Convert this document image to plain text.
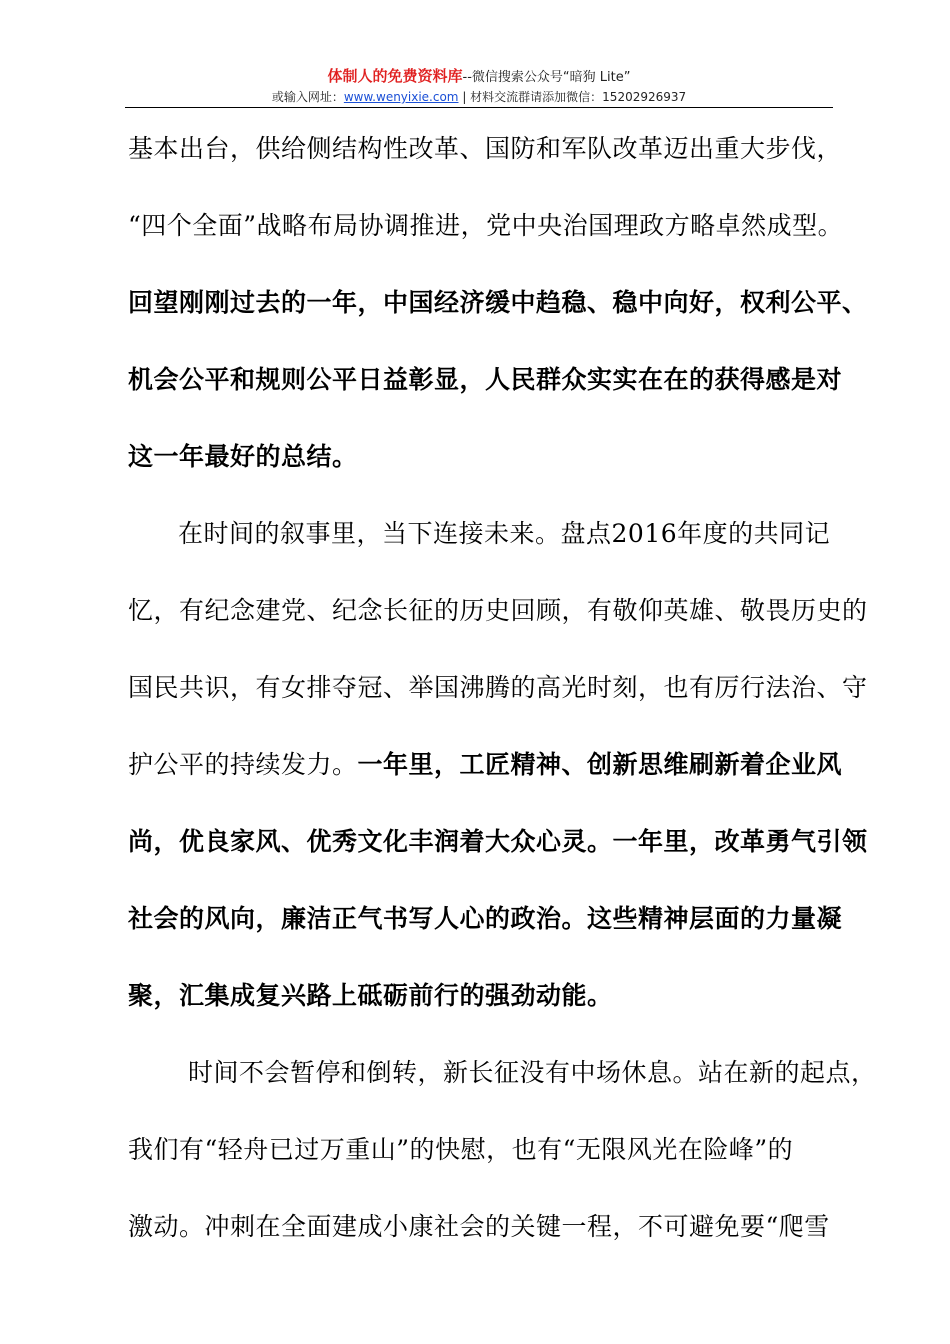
体制人的免费资料库--微信搜索公众号“暗狗 Lite”
或输入网址：www.wenyixie.com | 材料交流群请添加微信：15202926937
基本出台，供给侧结构性改革、国防和军队改革迈出重大步伐，
“四个全面”战略布局协调推进，党中央治国理政方略卓然成型。
回望刚刚过去的一年，中国经济缓中趋稳、稳中向好，权利公平、
机会公平和规则公平日益彰显，人民群众实实在在的获得感是对
这一年最好的总结。
在时间的叙事里，当下连接未来。盘点2016年度的共同记
忆，有纪念建党、纪念长征的历史回顾，有敬仰英雄、敬畏历史的
国民共识，有女排夺冠、举国沸腾的高光时刻，也有厉行法治、守
护公平的持续发力。一年里，工匠精神、创新思维刷新着企业风
尚，优良家风、优秀文化丰润着大众心灵。一年里，改革勇气引领
社会的风向，廉洁正气书写人心的政治。这些精神层面的力量凝
聚，汇集成复兴路上砥砺前行的强劲动能。
时间不会暂停和倒转，新长征没有中场休息。站在新的起点，
我们有“轻舟已过万重山”的快慰，也有“无限风光在险峰”的
激动。冲刺在全面建成小康社会的关键一程，不可避免要“爬雪
